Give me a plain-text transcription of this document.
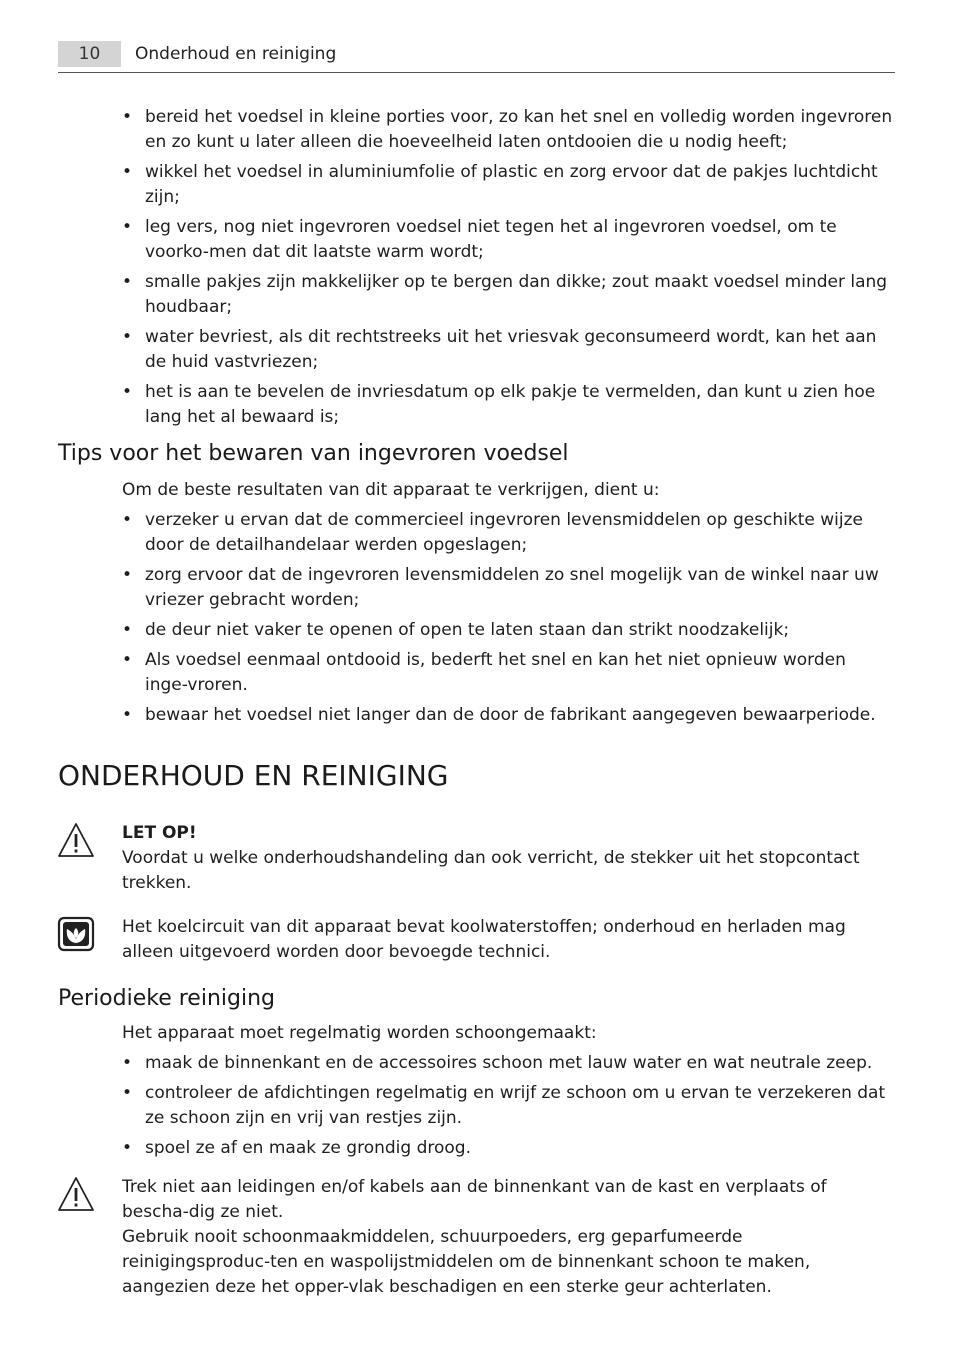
10	Onderhoud en reiniging
• bereid het voedsel in kleine porties voor, zo kan het snel en volledig worden ingevroren en zo kunt u later alleen die hoeveelheid laten ontdooien die u nodig heeft;
• wikkel het voedsel in aluminiumfolie of plastic en zorg ervoor dat de pakjes luchtdicht zijn;
• leg vers, nog niet ingevroren voedsel niet tegen het al ingevroren voedsel, om te voorko-men dat dit laatste warm wordt;
• smalle pakjes zijn makkelijker op te bergen dan dikke; zout maakt voedsel minder lang houdbaar;
• water bevriest, als dit rechtstreeks uit het vriesvak geconsumeerd wordt, kan het aan de huid vastvriezen;
• het is aan te bevelen de invriesdatum op elk pakje te vermelden, dan kunt u zien hoe lang het al bewaard is;
Tips voor het bewaren van ingevroren voedsel

Om de beste resultaten van dit apparaat te verkrijgen, dient u:

• verzeker u ervan dat de commercieel ingevroren levensmiddelen op geschikte wijze door de detailhandelaar werden opgeslagen;
• zorg ervoor dat de ingevroren levensmiddelen zo snel mogelijk van de winkel naar uw vriezer gebracht worden;
• de deur niet vaker te openen of open te laten staan dan strikt noodzakelijk;
• Als voedsel eenmaal ontdooid is, bederft het snel en kan het niet opnieuw worden inge-vroren.
• bewaar het voedsel niet langer dan de door de fabrikant aangegeven bewaarperiode.
ONDERHOUD EN REINIGING

LET OP!

Voordat u welke onderhoudshandeling dan ook verricht, de stekker uit het stopcontact trekken.

Het koelcircuit van dit apparaat bevat koolwaterstoffen; onderhoud en herladen mag alleen uitgevoerd worden door bevoegde technici.

Periodieke reiniging

Het apparaat moet regelmatig worden schoongemaakt:

• maak de binnenkant en de accessoires schoon met lauw water en wat neutrale zeep.
• controleer de afdichtingen regelmatig en wrijf ze schoon om u ervan te verzekeren dat ze schoon zijn en vrij van restjes zijn.
• spoel ze af en maak ze grondig droog.

Trek niet aan leidingen en/of kabels aan de binnenkant van de kast en verplaats of bescha-dig ze niet.

Gebruik nooit schoonmaakmiddelen, schuurpoeders, erg geparfumeerde reinigingsproduc-ten en waspolijstmiddelen om de binnenkant schoon te maken, aangezien deze het opper-vlak beschadigen en een sterke geur achterlaten.
